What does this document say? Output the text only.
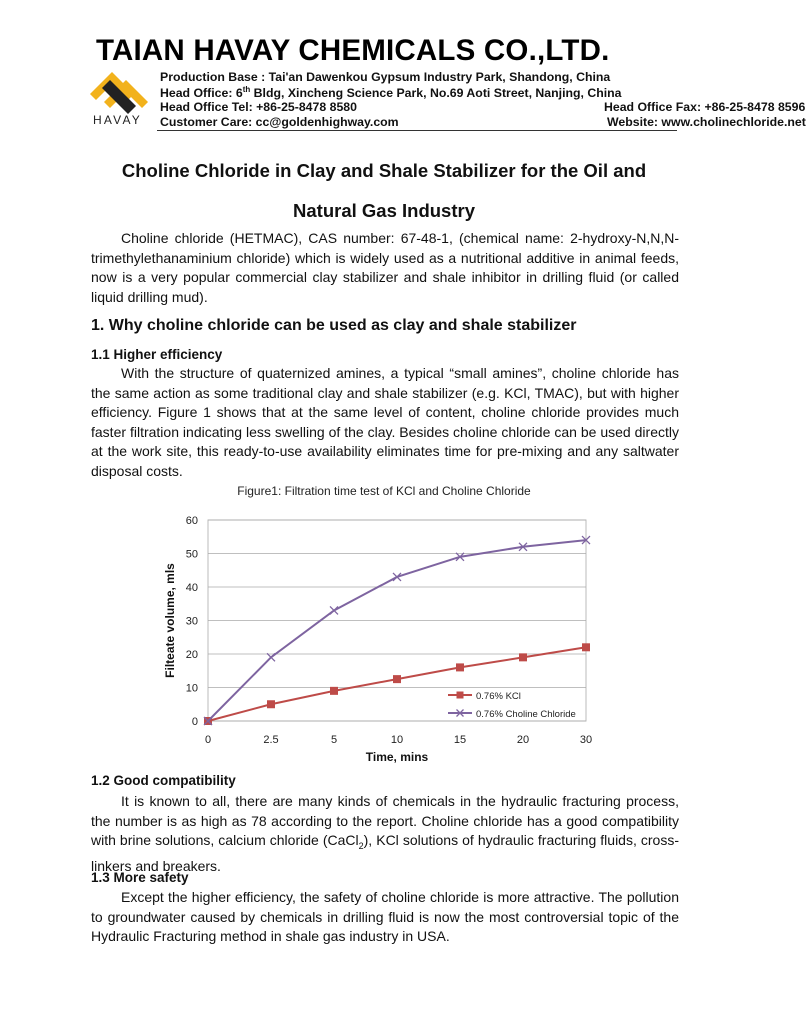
TAIAN HAVAY CHEMICALS CO.,LTD.
HAVAY
Production Base : Tai'an Dawenkou Gypsum Industry Park, Shandong, China
Head Office: 6th Bldg, Xincheng Science Park, No.69 Aoti Street, Nanjing, China
Head Office Tel: +86-25-8478 8580	Head Office Fax: +86-25-8478 8596
Customer Care: cc@goldenhighway.com	Website: www.cholinechloride.net
Choline Chloride in Clay and Shale Stabilizer for the Oil and
Natural Gas Industry
Choline chloride (HETMAC), CAS number: 67-48-1, (chemical name: 2-hydroxy-N,N,N-trimethylethanaminium chloride) which is widely used as a nutritional additive in animal feeds, now is a very popular commercial clay stabilizer and shale inhibitor in drilling fluid (or called liquid drilling mud).
1. Why choline chloride can be used as clay and shale stabilizer
1.1 Higher efficiency
With the structure of quaternized amines, a typical “small amines”, choline chloride has the same action as some traditional clay and shale stabilizer (e.g. KCl, TMAC), but with higher efficiency. Figure 1 shows that at the same level of content, choline chloride provides much faster filtration indicating less swelling of the clay. Besides choline chloride can be used directly at the work site, this ready-to-use availability eliminates time for pre-mixing and any saltwater disposal costs.
Figure1: Filtration time test of KCl and Choline Chloride
0
10
20
30
40
50
60
0	2.5	5	10	15	20	30
Time, mins
Filteate volume, mls
0.76% KCl
0.76% Choline Chloride
1.2 Good compatibility
It is known to all, there are many kinds of chemicals in the hydraulic fracturing process, the number is as high as 78 according to the report. Choline chloride has a good compatibility with brine solutions, calcium chloride (CaCl$_2$), KCl solutions of hydraulic fracturing fluids, cross-linkers and breakers.
1.3 More safety
Except the higher efficiency, the safety of choline chloride is more attractive. The pollution to groundwater caused by chemicals in drilling fluid is now the most controversial topic of the Hydraulic Fracturing method in shale gas industry in USA.
